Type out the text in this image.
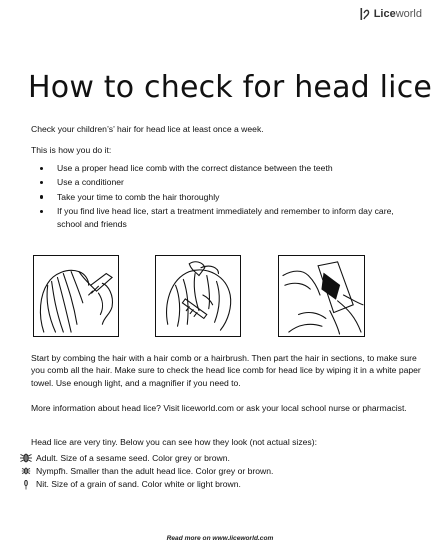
Liceworld
How to check for head lice
Check your children’s’ hair for head lice at least once a week.
This is how you do it:
Use a proper head lice comb with the correct distance between the teeth
Use a conditioner
Take your time to comb the hair thoroughly
If you find live head lice, start a treatment immediately and remember to inform day care, school and friends
Start by combing the hair with a hair comb or a hairbrush. Then part the hair in sections, to make sure you comb all the hair. Make sure to check the head lice comb for head lice by wiping it in a white paper towel. Use enough light, and a magnifier if you need to.
More information about head lice? Visit liceworld.com or ask your local school nurse or pharmacist.
Head lice are very tiny. Below you can see how they look (not actual sizes):
Adult. Size of a sesame seed. Color grey or brown.
Nympfh. Smaller than the adult head lice. Color grey or brown.
Nit. Size of a grain of sand. Color white or light brown.
Read more on www.liceworld.com
